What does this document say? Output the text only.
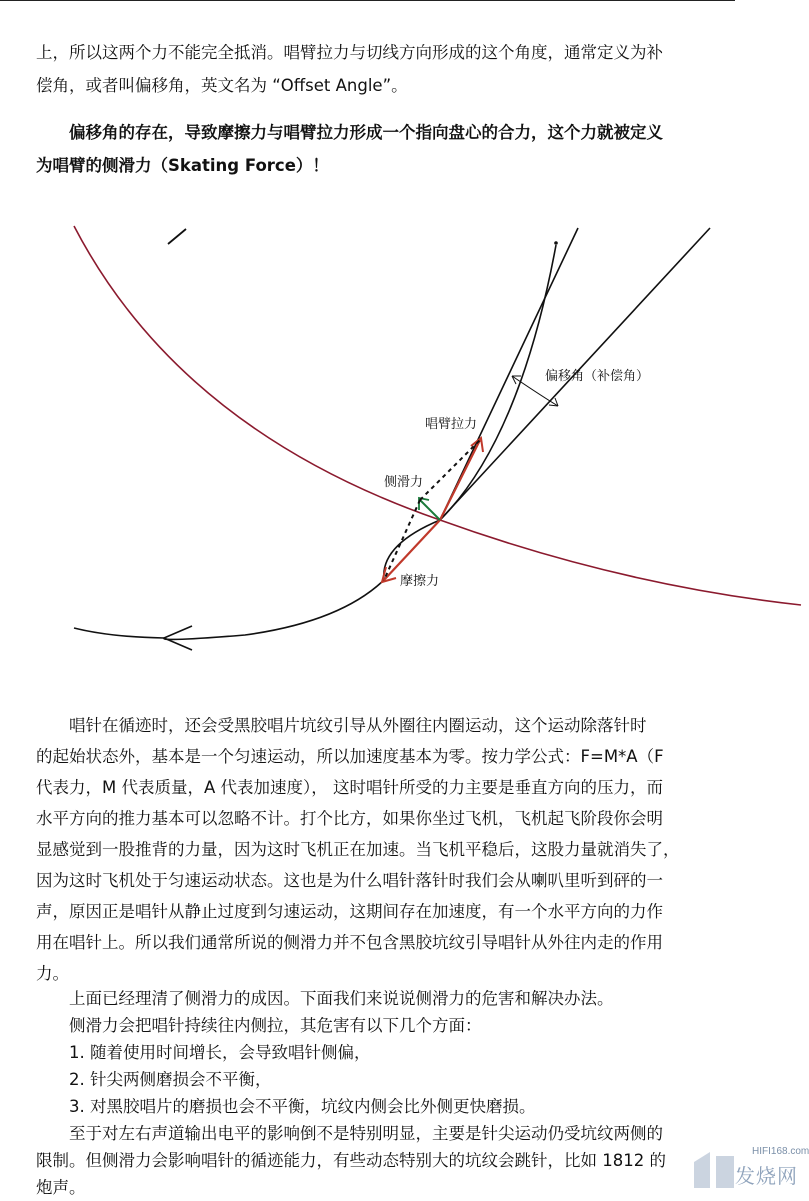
上，所以这两个力不能完全抵消。唱臂拉力与切线方向形成的这个角度，通常定义为补
偿角，或者叫偏移角，英文名为 “Offset Angle”。

　　偏移角的存在，导致摩擦力与唱臂拉力形成一个指向盘心的合力，这个力就被定义
为唱臂的侧滑力（Skating Force）！

偏移角（补偿角）
唱臂拉力
摩擦力
侧滑力

　　唱针在循迹时，还会受黑胶唱片坑纹引导从外圈往内圈运动，这个运动除落针时
的起始状态外，基本是一个匀速运动，所以加速度基本为零。按力学公式：F=M*A（F
代表力，M 代表质量，A 代表加速度）， 这时唱针所受的力主要是垂直方向的压力，而
水平方向的推力基本可以忽略不计。打个比方，如果你坐过飞机，飞机起飞阶段你会明
显感觉到一股推背的力量，因为这时飞机正在加速。当飞机平稳后，这股力量就消失了，
因为这时飞机处于匀速运动状态。这也是为什么唱针落针时我们会从喇叭里听到砰的一
声，原因正是唱针从静止过度到匀速运动，这期间存在加速度，有一个水平方向的力作
用在唱针上。所以我们通常所说的侧滑力并不包含黑胶坑纹引导唱针从外往内走的作用
力。

　　上面已经理清了侧滑力的成因。下面我们来说说侧滑力的危害和解决办法。
　　侧滑力会把唱针持续往内侧拉，其危害有以下几个方面：
　　1. 随着使用时间增长，会导致唱针侧偏，
　　2. 针尖两侧磨损会不平衡，
　　3. 对黑胶唱片的磨损也会不平衡，坑纹内侧会比外侧更快磨损。
　　至于对左右声道输出电平的影响倒不是特别明显，主要是针尖运动仍受坑纹两侧的
限制。但侧滑力会影响唱针的循迹能力，有些动态特别大的坑纹会跳针，比如 1812 的
炮声。

HIFI168.com
发烧网
